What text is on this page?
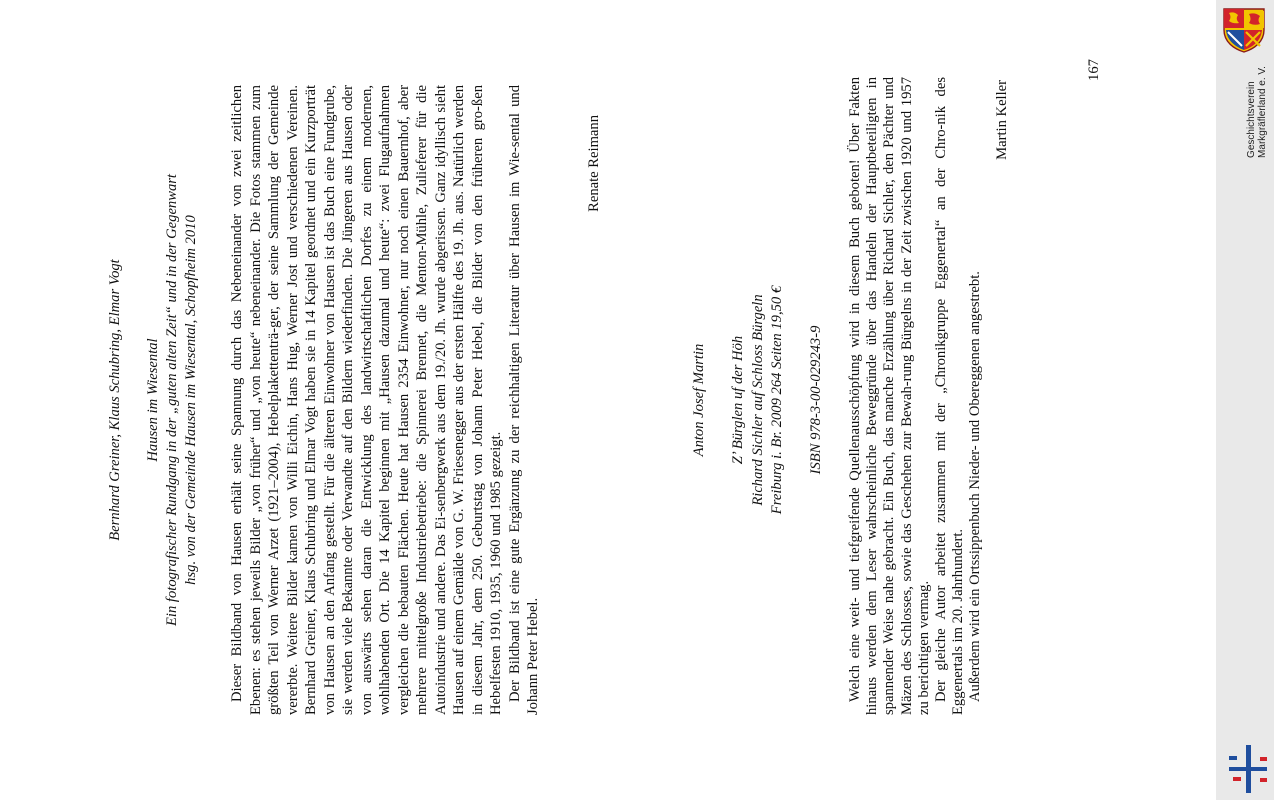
Bernhard Greiner, Klaus Schubring, Elmar Vogt Hausen im Wiesental Ein fotografischer Rundgang in der „guten alten Zeit“ und in der Gegenwart hsg. von der Gemeinde Hausen im Wiesental, Schopfheim 2010 Dieser Bildband von Hausen erhält seine Spannung durch das Nebeneinander von zwei zeitlichen Ebenen: es stehen jeweils Bilder „von früher“ und „von heute“ nebeneinander. Die Fotos stammen zum größten Teil von Werner Arzet (1921–2004), Hebelplakettenträ-ger, der seine Sammlung der Gemeinde vererbte. Weitere Bilder kamen von Willi Eichin, Hans Hug, Werner Jost und verschiedenen Vereinen. Bernhard Greiner, Klaus Schubring und Elmar Vogt haben sie in 14 Kapitel geordnet und ein Kurzporträt von Hausen an den Anfang gestellt. Für die älteren Einwohner von Hausen ist das Buch eine Fundgrube, sie werden viele Bekannte oder Verwandte auf den Bildern wiederfinden. Die Jüngeren aus Hausen oder von auswärts sehen daran die Entwicklung des landwirtschaftlichen Dorfes zu einem modernen, wohlhabenden Ort. Die 14 Kapitel beginnen mit „Hausen dazumal und heute“: zwei Flugaufnahmen vergleichen die bebauten Flächen. Heute hat Hausen 2354 Einwohner, nur noch einen Bauernhof, aber mehrere mittelgroße Industriebetriebe: die Spinnerei Brennet, die Menton-Mühle, Zulieferer für die Autoindustrie und andere. Das Ei-senbergwerk aus dem 19./20. Jh. wurde abgerissen. Ganz idyllisch sieht Hausen auf einem Gemälde von G. W. Friesenegger aus der ersten Hälfte des 19. Jh. aus. Natürlich werden in diesem Jahr, dem 250. Geburtstag von Johann Peter Hebel, die Bilder von den früheren gro-ßen Hebelfesten 1910, 1935, 1960 und 1985 gezeigt. Der Bildband ist eine gute Ergänzung zu der reichhaltigen Literatur über Hausen im Wie-sental und Johann Peter Hebel.

Renate Reimann
Anton Josef Martin Z’ Bürglen uf der Höh Richard Sichler auf Schloss Bürgeln Freiburg i. Br. 2009 264 Seiten 19,50 € ISBN 978-3-00-029243-9 Welch eine weit- und tiefgreifende Quellenausschöpfung wird in diesem Buch geboten! Über Fakten hinaus werden dem Leser wahrscheinliche Beweggründe über das Handeln der Hauptbeteiligten in spannender Weise nahe gebracht. Ein Buch, das manche Erzählung über Richard Sichler, den Pächter und Mäzen des Schlosses, sowie das Geschehen zur Bewah-rung Bürgelns in der Zeit zwischen 1920 und 1957 zu berichtigen vermag. Der gleiche Autor arbeitet zusammen mit der „Chronikgruppe Eggenertal“ an der Chro-nik des Eggenertals im 20. Jahrhundert. Außerdem wird ein Ortssippenbuch Nieder- und Obereggenen angestrebt.

Martin Keller
167
Geschichtsverein Markgräflerland e. V.
